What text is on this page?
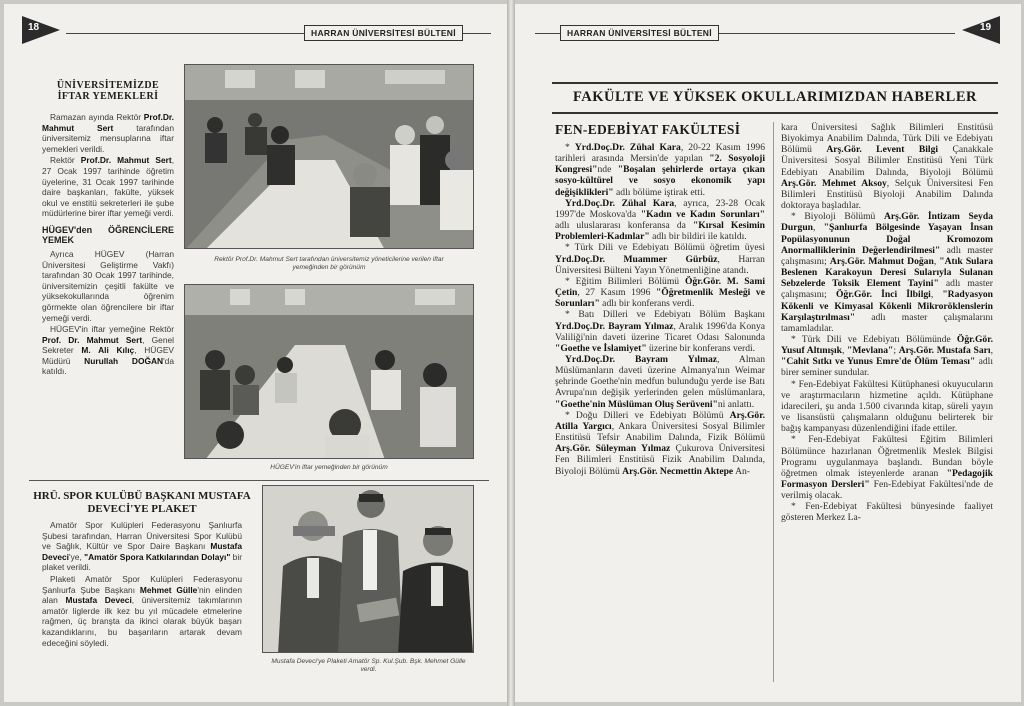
18	HARRAN ÜNİVERSİTESİ BÜLTENİ
ÜNİVERSİTEMİZDE İFTAR YEMEKLERİ

Ramazan ayında Rektör Prof.Dr. Mahmut Sert tarafından üniversitemiz mensuplarına iftar yemekleri verildi.

Rektör Prof.Dr. Mahmut Sert, 27 Ocak 1997 tarihinde öğretim üyelerine, 31 Ocak 1997 tarihinde daire başkanları, fakülte, yüksek okul ve enstitü sekreterleri ile şube müdürlerine birer iftar yemeği verdi.

HÜGEV'den ÖĞRENCİLERE YEMEK

Ayrıca HÜGEV (Harran Üniversitesi Geliştirme Vakfı) tarafından 30 Ocak 1997 tarihinde, üniversitemizin çeşitli fakülte ve yüksekokullarında öğrenim görmekte olan öğrencilere bir iftar yemeği verdi.

HÜGEV'in iftar yemeğine Rektör Prof. Dr. Mahmut Sert, Genel Sekreter M. Ali Kılıç, HÜGEV Müdürü Nurullah DOĞAN'da katıldı.

Rektör Prof.Dr. Mahmut Sert tarafından üniversitemiz yöneticilerine verilen iftar yemeğinden bir görünüm
HÜGEV'in iftar yemeğinden bir görünüm
HRÜ. SPOR KULÜBÜ BAŞKANI MUSTAFA DEVECİ'YE PLAKET

Amatör Spor Kulüpleri Federasyonu Şanlıurfa Şubesi tarafından, Harran Üniversitesi Spor Kulübü ve Sağlık, Kültür ve Spor Daire Başkanı Mustafa Deveci'ye, "Amatör Spora Katkılarından Dolayı" bir plaket verildi.

Plaketi Amatör Spor Kulüpleri Federasyonu Şanlıurfa Şube Başkanı Mehmet Gülle'nin elinden alan Mustafa Deveci, üniversitemiz takımlarının amatör liglerde ilk kez bu yıl mücadele etmelerine rağmen, üç branşta da ikinci olarak büyük başarı kazandıklarını, bu başarıların artarak devam edeceğini söyledi.

Mustafa Deveci'ye Plaketi Amatör Sp. Kul.Şub. Bşk. Mehmet Gülle verdi.
HARRAN ÜNİVERSİTESİ BÜLTENİ	19
FAKÜLTE VE YÜKSEK OKULLARIMIZDAN HABERLER
FEN-EDEBİYAT FAKÜLTESİ

* Yrd.Doç.Dr. Zühal Kara, 20-22 Kasım 1996 tarihleri arasında Mersin'de yapılan "2. Sosyoloji Kongresi"nde "Boşalan şehirlerde ortaya çıkan sosyo-kültürel ve sosyo ekonomik yapı değişiklikleri" adlı bölüme iştirak etti.

Yrd.Doç.Dr. Zühal Kara, ayrıca, 23-28 Ocak 1997'de Moskova'da "Kadın ve Kadın Sorunları" adlı uluslararası konferansa da "Kırsal Kesimin Problemleri-Kadınlar" adlı bir bildiri ile katıldı.

* Türk Dili ve Edebiyatı Bölümü öğretim üyesi Yrd.Doç.Dr. Muammer Gürbüz, Harran Üniversitesi Bülteni Yayın Yönetmenliğine atandı.

* Eğitim Bilimleri Bölümü Öğr.Gör. M. Sami Çetin, 27 Kasım 1996 "Öğretmenlik Mesleği ve Sorunları" adlı bir konferans verdi.

* Batı Dilleri ve Edebiyatı Bölüm Başkanı Yrd.Doç.Dr. Bayram Yılmaz, Aralık 1996'da Konya Valiliği'nin daveti üzerine Ticaret Odası Salonunda "Goethe ve İslamiyet" üzerine bir konferans verdi.

Yrd.Doç.Dr. Bayram Yılmaz, Alman Müslümanların daveti üzerine Almanya'nın Weimar şehrinde Goethe'nin medfun bulunduğu yerde ise Batı Avrupa'nın değişik yerlerinden gelen müslümanlara, "Goethe'nin Müslüman Oluş Serüveni"ni anlattı.

* Doğu Dilleri ve Edebiyatı Bölümü Arş.Gör. Atilla Yargıcı, Ankara Üniversitesi Sosyal Bilimler Enstitüsü Tefsir Anabilim Dalında, Fizik Bölümü Arş.Gör. Süleyman Yılmaz Çukurova Üniversitesi Fen Bilimleri Enstitüsü Fizik Anabilim Dalında, Biyoloji Bölümü Arş.Gör. Necmettin Aktepe An-

kara Üniversitesi Sağlık Bilimleri Enstitüsü Biyokimya Anabilim Dalında, Türk Dili ve Edebiyatı Bölümü Arş.Gör. Levent Bilgi Çanakkale Üniversitesi Sosyal Bilimler Enstitüsü Yeni Türk Edebiyatı Anabilim Dalında, Biyoloji Bölümü Arş.Gör. Mehmet Aksoy, Selçuk Üniversitesi Fen Bilimleri Enstitüsü Biyoloji Anabilim Dalında doktoraya başladılar.

* Biyoloji Bölümü Arş.Gör. İntizam Seyda Durgun, "Şanlıurfa Bölgesinde Yaşayan İnsan Popülasyonunun Doğal Kromozom Anormalliklerinin Değerlendirilmesi" adlı master çalışmasını; Arş.Gör. Mahmut Doğan, "Atık Sulara Beslenen Karakoyun Deresi Sularıyla Sulanan Sebzelerde Toksik Element Tayini" adlı master çalışmasını; Öğr.Gör. İnci İlbilgi, "Radyasyon Kökenli ve Kimyasal Kökenli Mikroröklenslerin Karşılaştırılması" adlı master çalışmalarını tamamladılar.

* Türk Dili ve Edebiyatı Bölümünde Öğr.Gör. Yusuf Altınışık, "Mevlana"; Arş.Gör. Mustafa Sarı, "Cahit Sıtkı ve Yunus Emre'de Ölüm Teması" adlı birer seminer sundular.

* Fen-Edebiyat Fakültesi Kütüphanesi okuyucuların ve araştırmacıların hizmetine açıldı. Kütüphane idarecileri, şu anda 1.500 civarında kitap, süreli yayın ve lisansüstü çalışmaların olduğunu belirterek bir bağış kampanyası düzenlendiğini ifade ettiler.

* Fen-Edebiyat Fakültesi Eğitim Bilimleri Bölümünce hazırlanan Öğretmenlik Meslek Bilgisi Programı uygulanmaya başlandı. Bundan böyle öğretmen olmak isteyenlerde aranan "Pedagojik Formasyon Dersleri" Fen-Edebiyat Fakültesi'nde de verilmiş olacak.

* Fen-Edebiyat Fakültesi bünyesinde faaliyet gösteren Merkez La-
